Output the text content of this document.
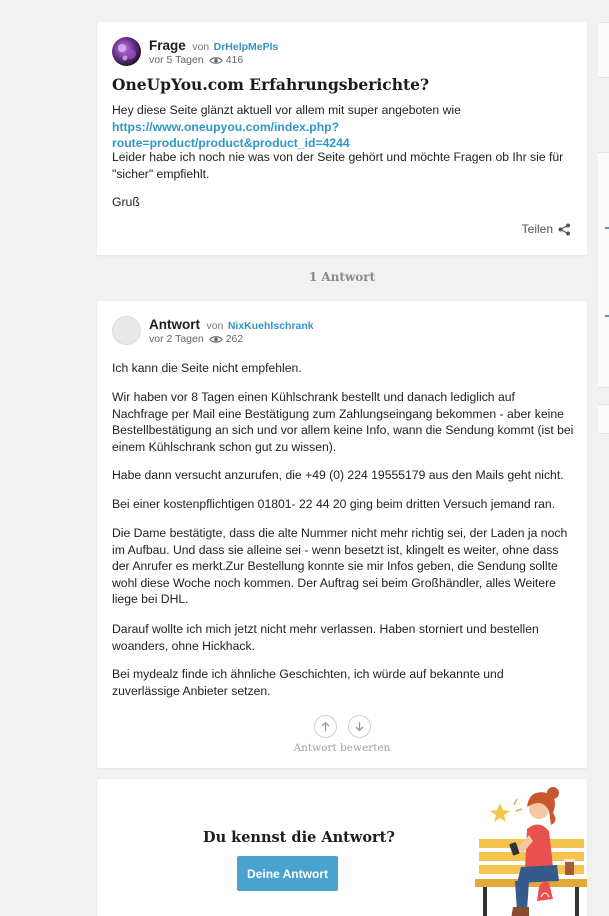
Frage von DrHelpMePls
vor 5 Tagen 416
OneUpYou.com Erfahrungsberichte?
Hey diese Seite glänzt aktuell vor allem mit super angeboten wie
https://www.oneupyou.com/index.php?route=product/product&product_id=4244
Leider habe ich noch nie was von der Seite gehört und möchte Fragen ob Ihr sie für "sicher" empfiehlt.
Gruß
Teilen
1 Antwort
Antwort von NixKuehlschrank
vor 2 Tagen 262
Ich kann die Seite nicht empfehlen.
Wir haben vor 8 Tagen einen Kühlschrank bestellt und danach lediglich auf Nachfrage per Mail eine Bestätigung zum Zahlungseingang bekommen - aber keine Bestellbestätigung an sich und vor allem keine Info, wann die Sendung kommt (ist bei einem Kühlschrank schon gut zu wissen).
Habe dann versucht anzurufen, die +49 (0) 224 19555179 aus den Mails geht nicht.
Bei einer kostenpflichtigen 01801- 22 44 20 ging beim dritten Versuch jemand ran.
Die Dame bestätigte, dass die alte Nummer nicht mehr richtig sei, der Laden ja noch im Aufbau. Und dass sie alleine sei - wenn besetzt ist, klingelt es weiter, ohne dass der Anrufer es merkt.Zur Bestellung konnte sie mir Infos geben, die Sendung sollte wohl diese Woche noch kommen. Der Auftrag sei beim Großhändler, alles Weitere liege bei DHL.
Darauf wollte ich mich jetzt nicht mehr verlassen. Haben storniert und bestellen woanders, ohne Hickhack.
Bei mydealz finde ich ähnliche Geschichten, ich würde auf bekannte und zuverlässige Anbieter setzen.
Antwort bewerten
Du kennst die Antwort?
Deine Antwort
